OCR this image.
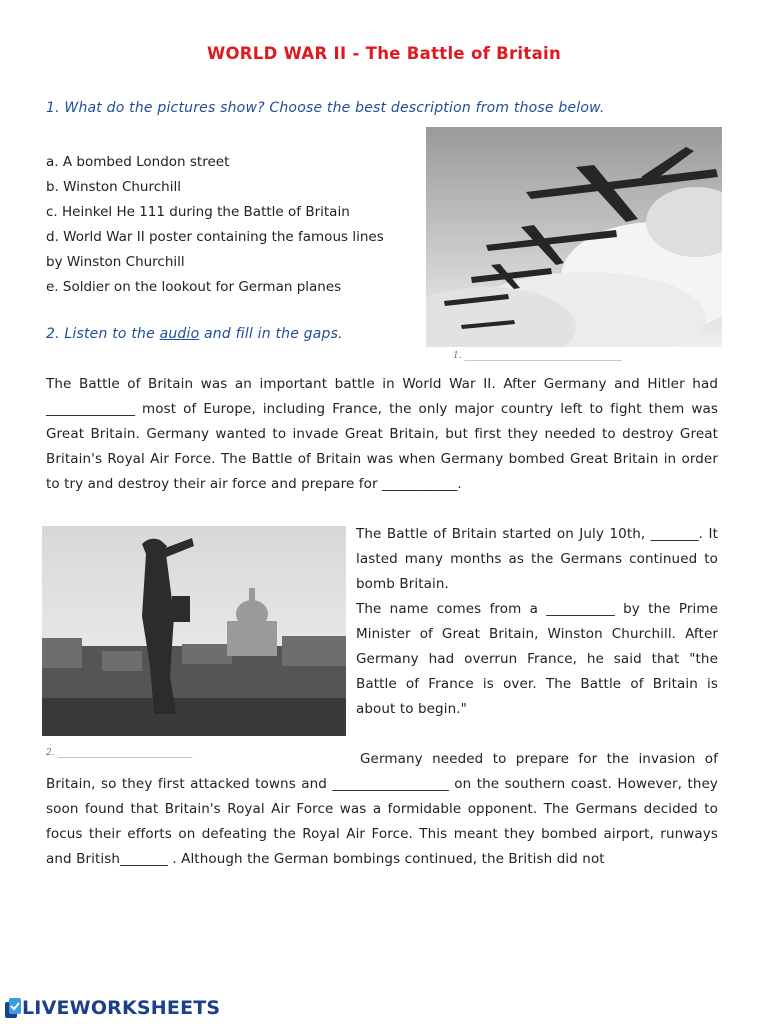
WORLD WAR II - The Battle of Britain
1. What do the pictures show? Choose the best description from those below.
a. A bombed London street
b. Winston Churchill
c. Heinkel He 111 during the Battle of Britain
d. World War II poster containing the famous lines
by Winston Churchill
e. Soldier on the lookout for German planes
1. ___________________________________
2. Listen to the audio and fill in the gaps.
The Battle of Britain was an important battle in World War II. After Germany and Hitler had _____________ most of Europe, including France, the only major country left to fight them was Great Britain. Germany wanted to invade Great Britain, but first they needed to destroy Great Britain's Royal Air Force. The Battle of Britain was when Germany bombed Great Britain in order to try and destroy their air force and prepare for ___________.
2. ______________________________
The Battle of Britain started on July 10th, _______. It lasted many months as the Germans continued to bomb Britain.
The name comes from a __________ by the Prime Minister of Great Britain, Winston Churchill. After Germany had overrun France, he said that "the Battle of France is over. The Battle of Britain is about to begin."
Germany needed to prepare for the invasion of Britain, so they first attacked towns and _________________ on the southern coast. However, they soon found that Britain's Royal Air Force was a formidable opponent. The Germans decided to focus their efforts on defeating the Royal Air Force. This meant they bombed airport, runways and British_______ . Although the German bombings continued, the British did not
LIVEWORKSHEETS
